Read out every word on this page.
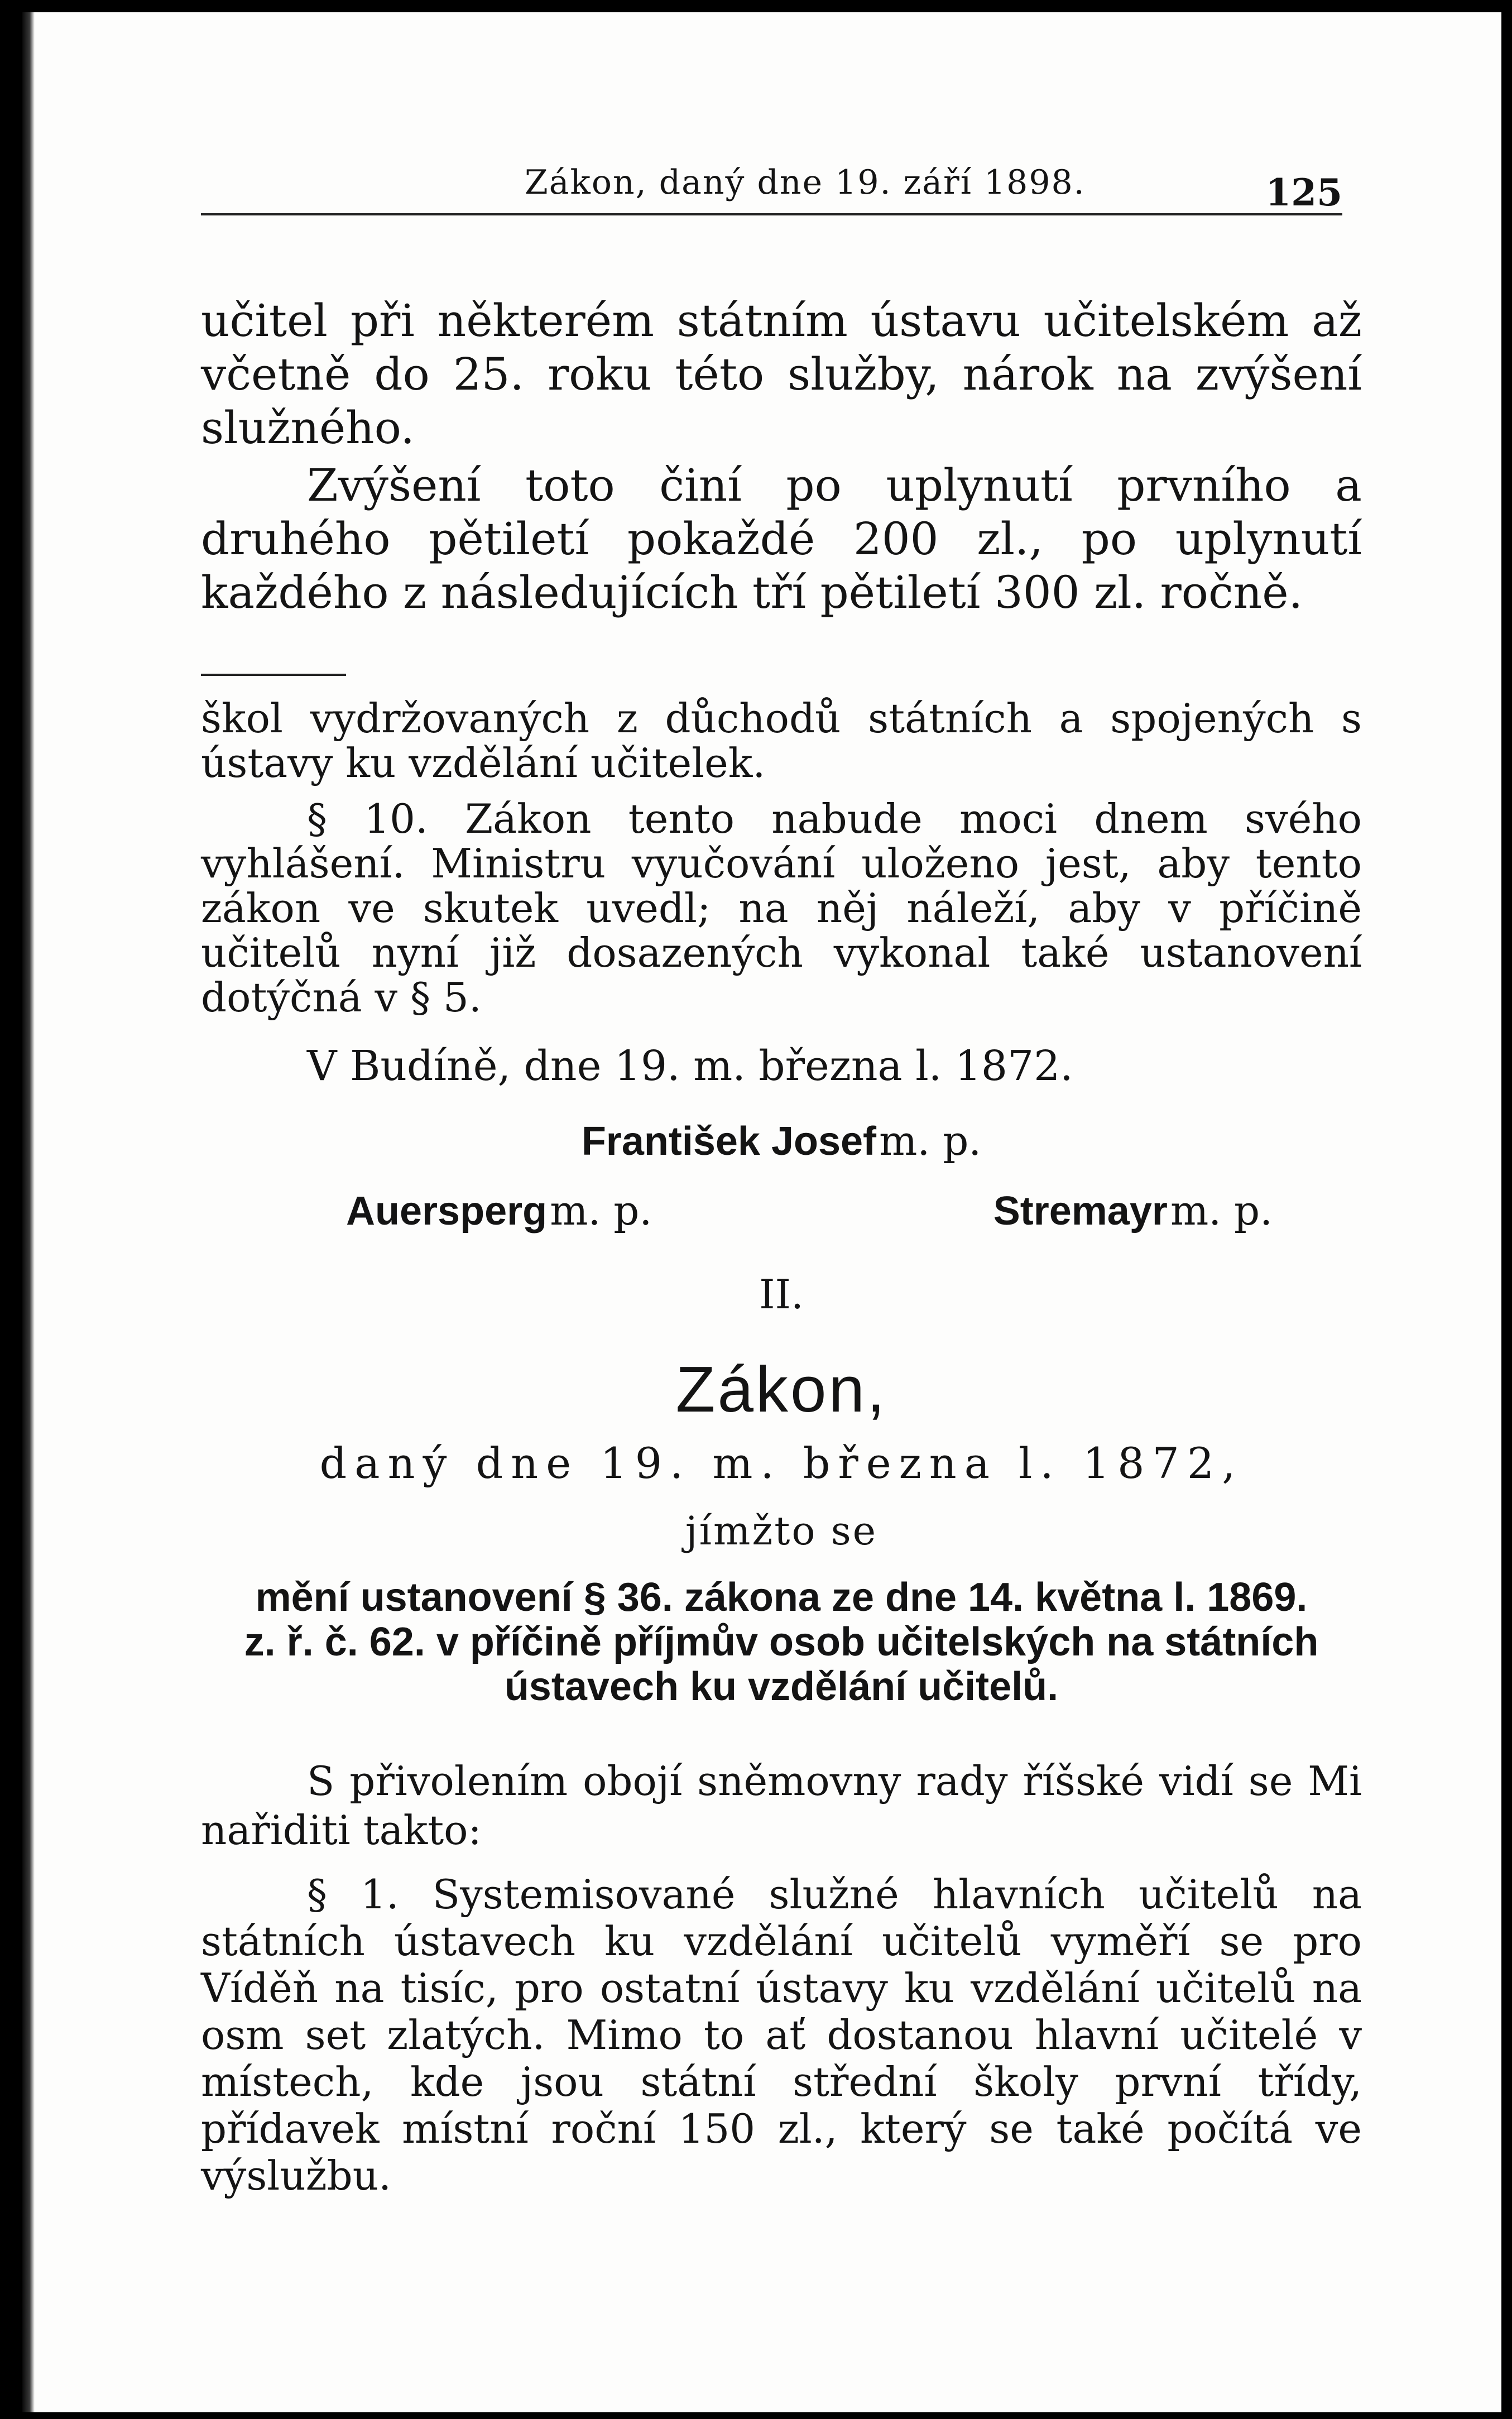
Zákon, daný dne 19. září 1898.	125
učitel při některém státním ústavu učitelském až včetně do 25. roku této služby, nárok na zvýšení služného.
Zvýšení toto činí po uplynutí prvního a druhého pětiletí pokaždé 200 zl., po uplynutí každého z následujících tří pětiletí 300 zl. ročně.
škol vydržovaných z důchodů státních a spojených s ústavy ku vzdělání učitelek.
§ 10. Zákon tento nabude moci dnem svého vyhlášení. Ministru vyučování uloženo jest, aby tento zákon ve skutek uvedl; na něj náleží, aby v příčině učitelů nyní již dosazených vykonal také ustanovení dotýčná v § 5.
V Budíně, dne 19. m. března l. 1872.
František Josef m. p.
Auersperg m. p.	Stremayr m. p.
II.
Zákon,
daný dne 19. m. března l. 1872,
jímžto se
mění ustanovení § 36. zákona ze dne 14. května l. 1869.
z. ř. č. 62. v příčině příjmův osob učitelských na státních
ústavech ku vzdělání učitelů.
S přivolením obojí sněmovny rady říšské vidí se Mi nařiditi takto:
§ 1. Systemisované služné hlavních učitelů na státních ústavech ku vzdělání učitelů vyměří se pro Víděň na tisíc, pro ostatní ústavy ku vzdělání učitelů na osm set zlatých. Mimo to ať dostanou hlavní učitelé v místech, kde jsou státní střední školy první třídy, přídavek místní roční 150 zl., který se také počítá ve výslužbu.
